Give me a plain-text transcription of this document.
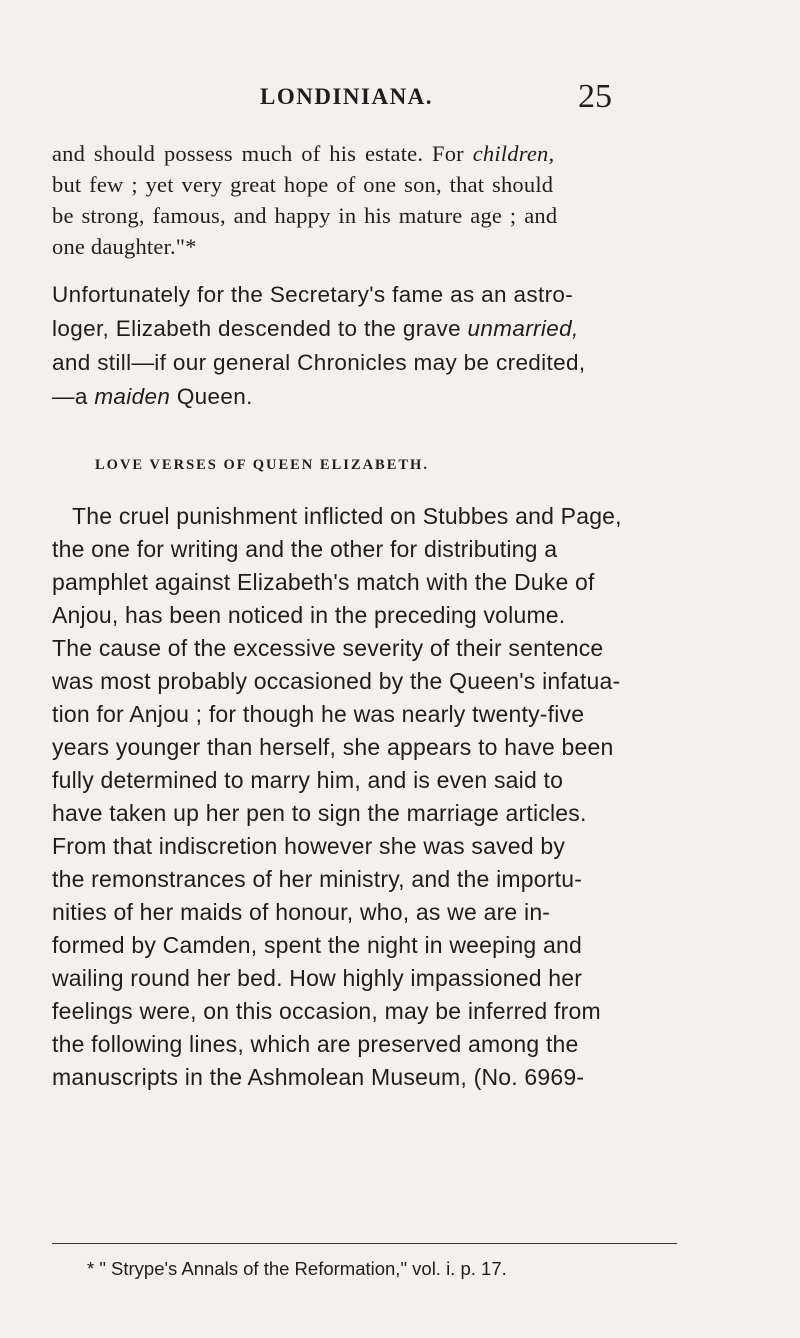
LONDINIANA.	25
and should possess much of his estate. For children,
but few ; yet very great hope of one son, that should
be strong, famous, and happy in his mature age ; and
one daughter."*
Unfortunately for the Secretary's fame as an astro-
loger, Elizabeth descended to the grave unmarried,
and still—if our general Chronicles may be credited,
—a maiden Queen.
LOVE VERSES OF QUEEN ELIZABETH.
The cruel punishment inflicted on Stubbes and Page,
the one for writing and the other for distributing a
pamphlet against Elizabeth's match with the Duke of
Anjou, has been noticed in the preceding volume.
The cause of the excessive severity of their sentence
was most probably occasioned by the Queen's infatua-
tion for Anjou ; for though he was nearly twenty-five
years younger than herself, she appears to have been
fully determined to marry him, and is even said to
have taken up her pen to sign the marriage articles.
From that indiscretion however she was saved by
the remonstrances of her ministry, and the importu-
nities of her maids of honour, who, as we are in-
formed by Camden, spent the night in weeping and
wailing round her bed. How highly impassioned her
feelings were, on this occasion, may be inferred from
the following lines, which are preserved among the
manuscripts in the Ashmolean Museum, (No. 6969-
* " Strype's Annals of the Reformation," vol. i. p. 17.
